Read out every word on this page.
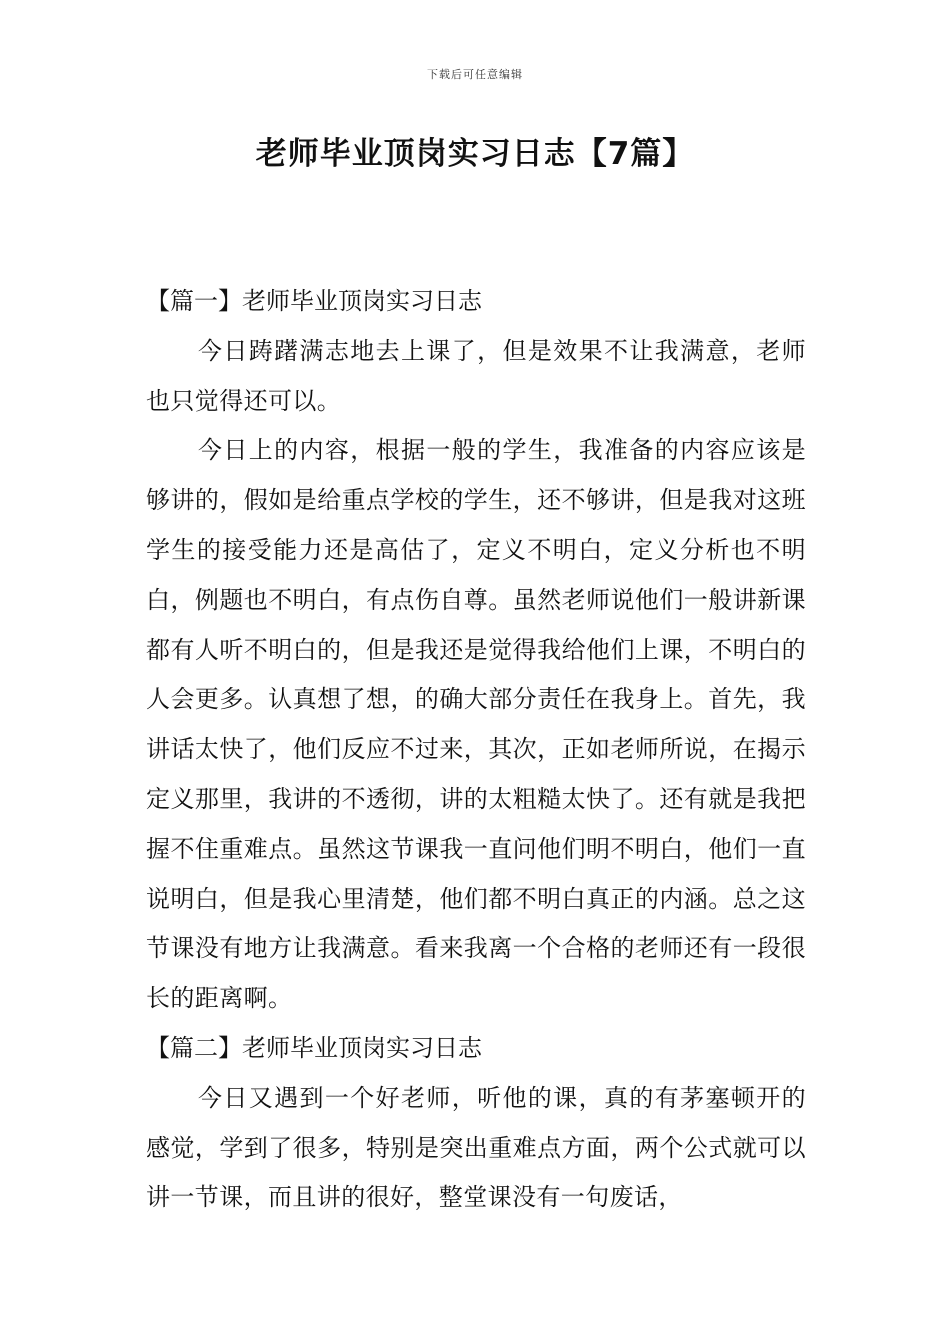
下载后可任意编辑
老师毕业顶岗实习日志【7篇】

【篇一】老师毕业顶岗实习日志

今日踌躇满志地去上课了，但是效果不让我满意，老师也只觉得还可以。

今日上的内容，根据一般的学生，我准备的内容应该是够讲的，假如是给重点学校的学生，还不够讲，但是我对这班学生的接受能力还是高估了，定义不明白，定义分析也不明白，例题也不明白，有点伤自尊。虽然老师说他们一般讲新课都有人听不明白的，但是我还是觉得我给他们上课，不明白的人会更多。认真想了想，的确大部分责任在我身上。首先，我讲话太快了，他们反应不过来，其次，正如老师所说，在揭示定义那里，我讲的不透彻，讲的太粗糙太快了。还有就是我把握不住重难点。虽然这节课我一直问他们明不明白，他们一直说明白，但是我心里清楚，他们都不明白真正的内涵。总之这节课没有地方让我满意。看来我离一个合格的老师还有一段很长的距离啊。

【篇二】老师毕业顶岗实习日志

今日又遇到一个好老师，听他的课，真的有茅塞顿开的感觉，学到了很多，特别是突出重难点方面，两个公式就可以讲一节课，而且讲的很好，整堂课没有一句废话，
